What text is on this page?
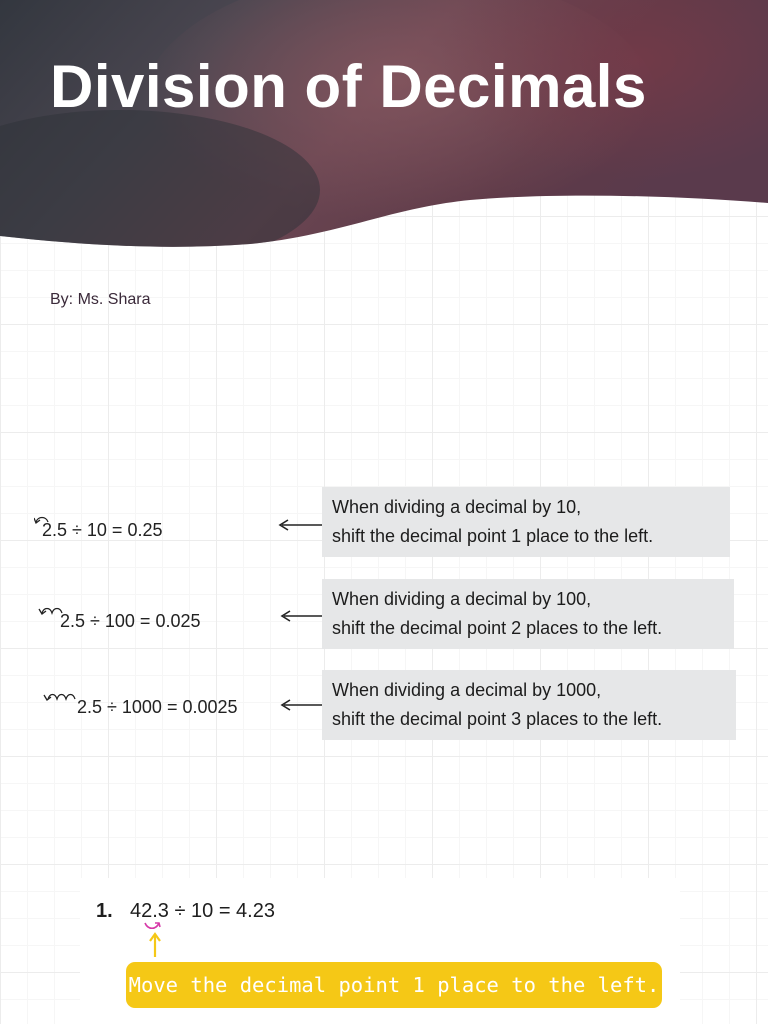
Division of Decimals
By: Ms. Shara
2.5 ÷ 10 = 0.25
When dividing a decimal by 10,
shift the decimal point 1 place to the left.
2.5 ÷ 100 = 0.025
When dividing a decimal by 100,
shift the decimal point 2 places to the left.
2.5 ÷ 1000 = 0.0025
When dividing a decimal by 1000,
shift the decimal point 3 places to the left.
1. 42.3 ÷ 10 = 4.23
Move the decimal point 1 place to the left.
